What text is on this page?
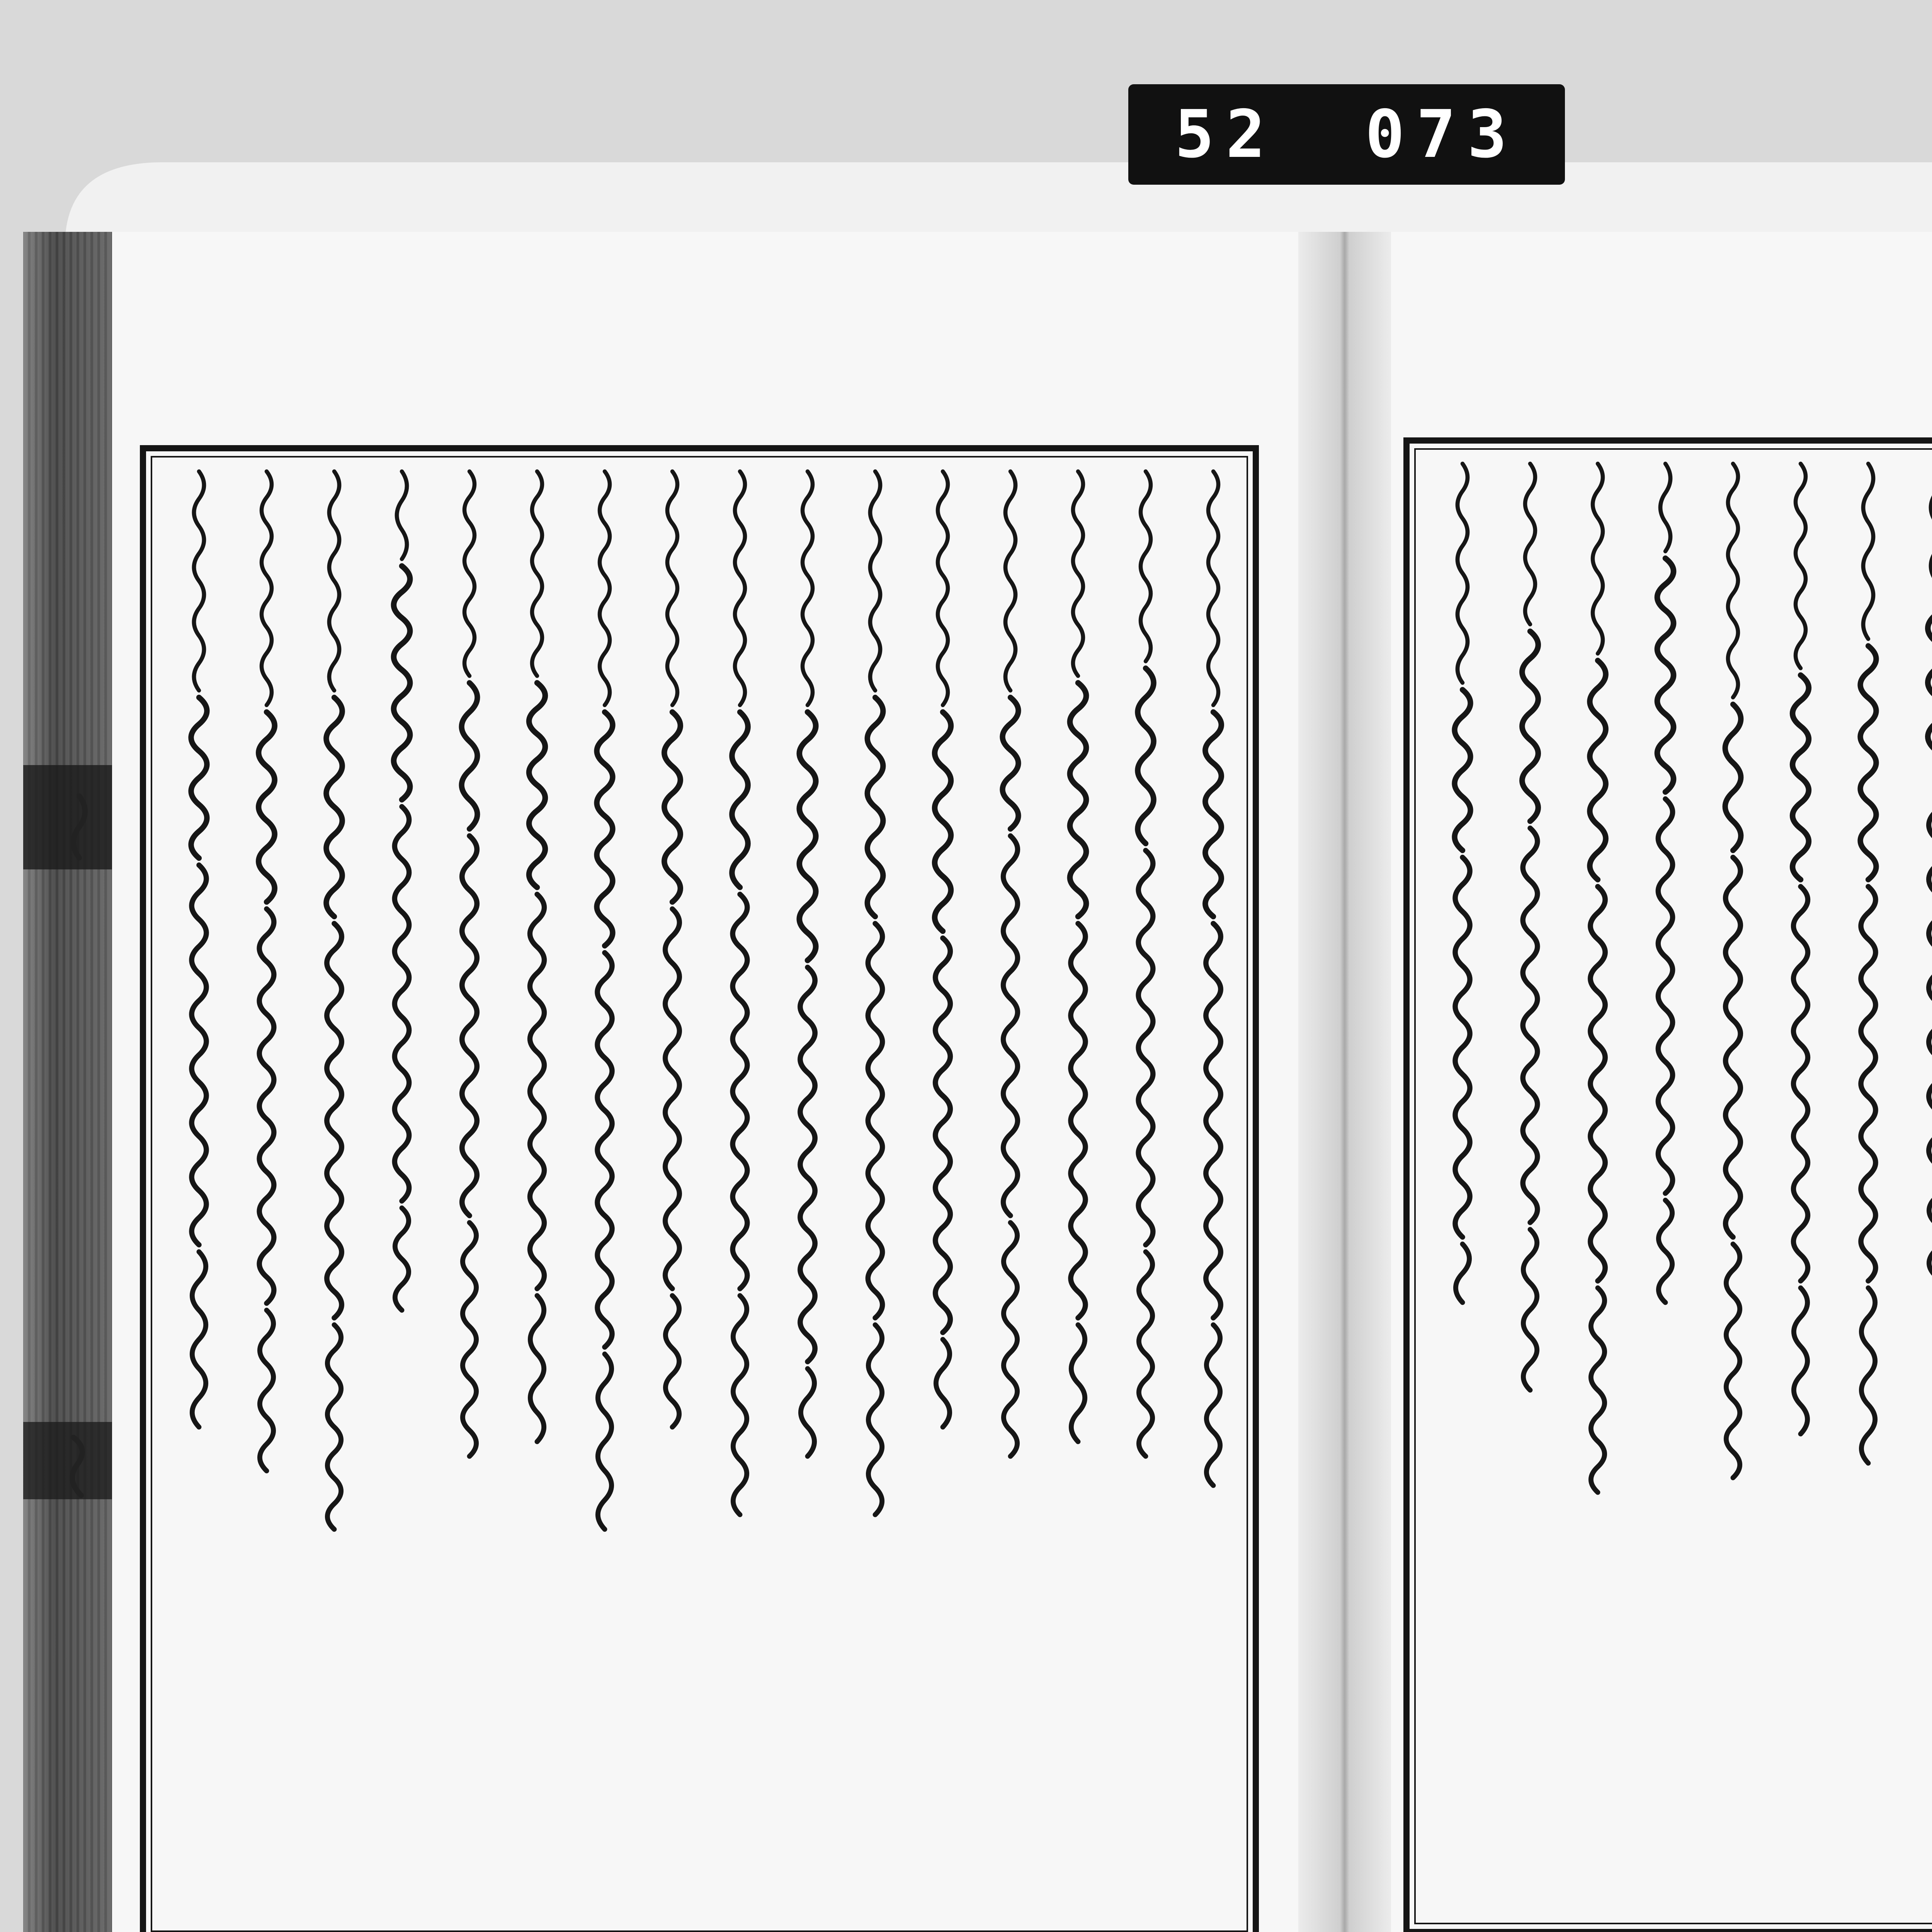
52 073
